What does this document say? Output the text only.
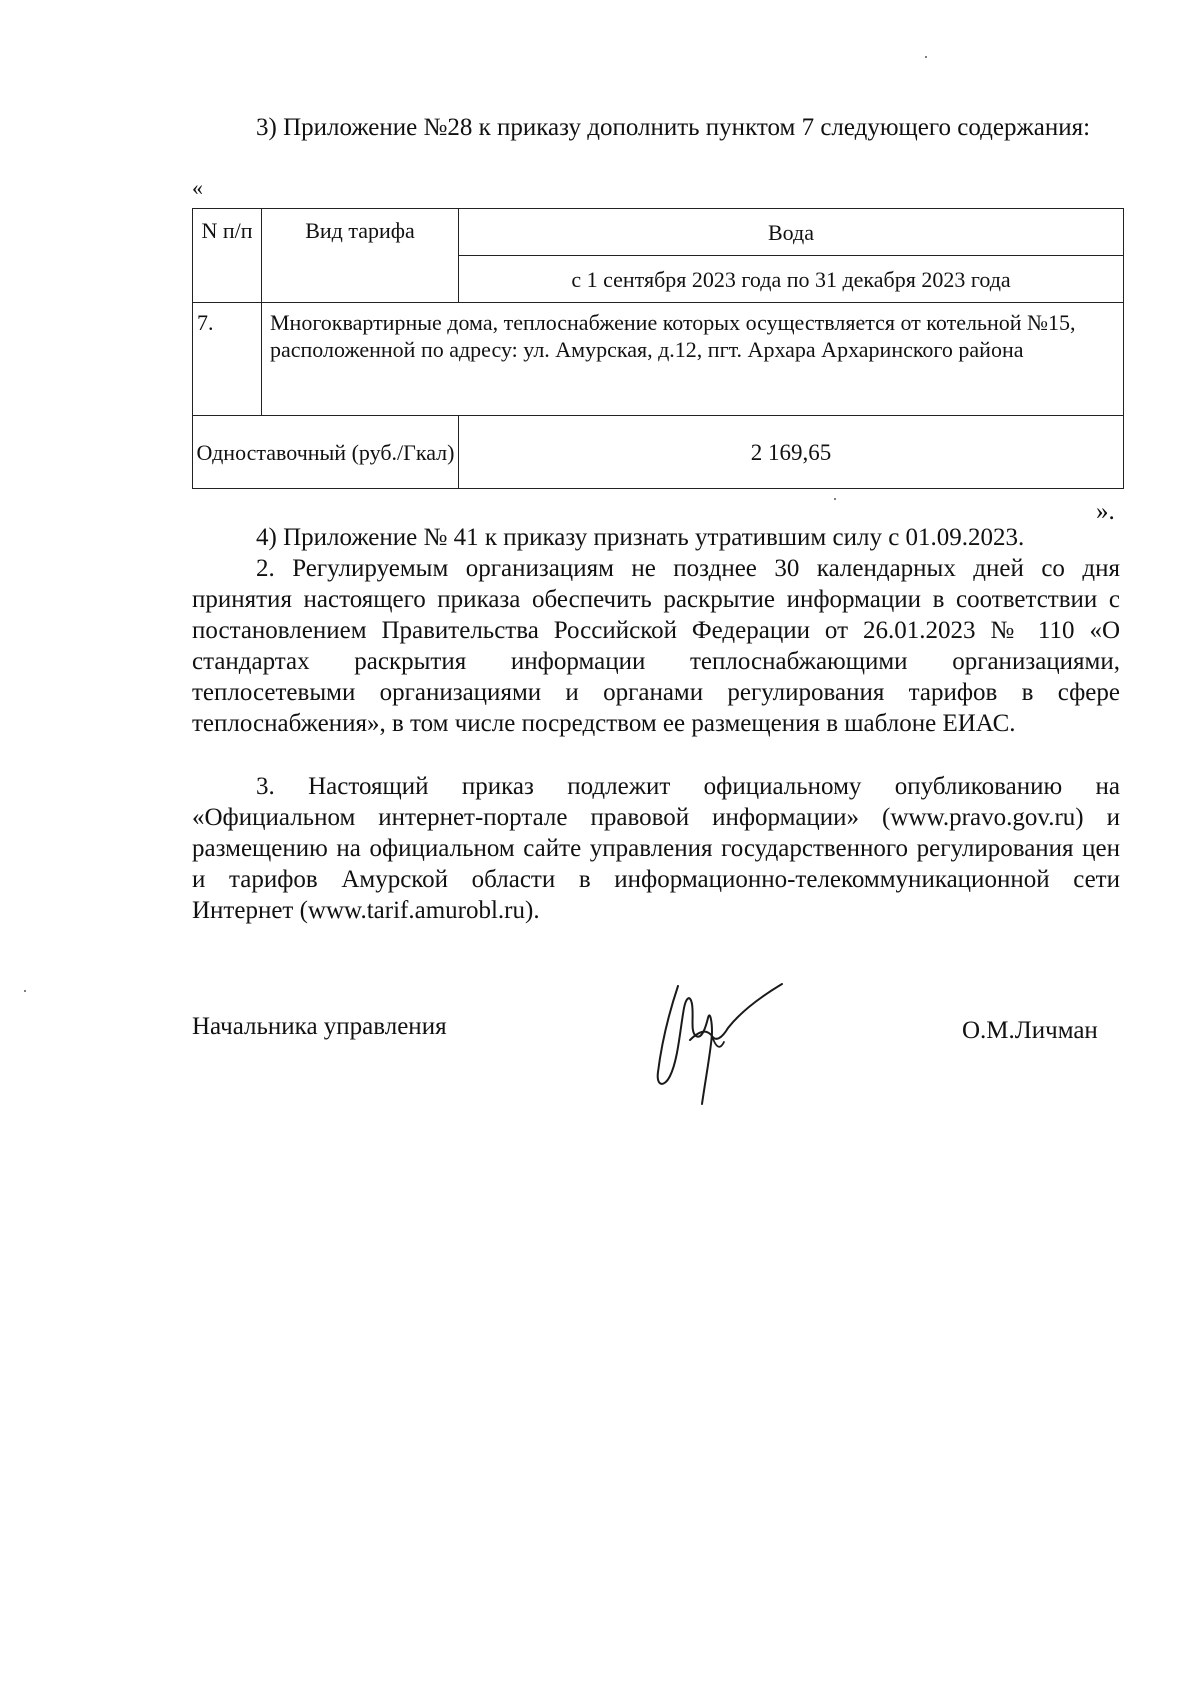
3) Приложение №28 к приказу дополнить пунктом 7 следующего содержания:

«
N п/п	Вид тарифа	Вода
		с 1 сентября 2023 года по 31 декабря 2023 года
7.	Многоквартирные дома, теплоснабжение которых осуществляется от котельной №15, расположенной по адресу: ул. Амурская, д.12, пгт. Архара Архаринского района	
Одноставочный (руб./Гкал)		2 169,65
».

4) Приложение № 41 к приказу признать утратившим силу с 01.09.2023.

2. Регулируемым организациям не позднее 30 календарных дней со дня принятия настоящего приказа обеспечить раскрытие информации в соответствии с постановлением Правительства Российской Федерации от 26.01.2023 № 110 «О стандартах раскрытия информации теплоснабжающими организациями, теплосетевыми организациями и органами регулирования тарифов в сфере теплоснабжения», в том числе посредством ее размещения в шаблоне ЕИАС.

3. Настоящий приказ подлежит официальному опубликованию на «Официальном интернет-портале правовой информации» (www.pravo.gov.ru) и размещению на официальном сайте управления государственного регулирования цен и тарифов Амурской области в информационно-телекоммуникационной сети Интернет (www.tarif.amurobl.ru).

Начальника управления	О.М.Личман
